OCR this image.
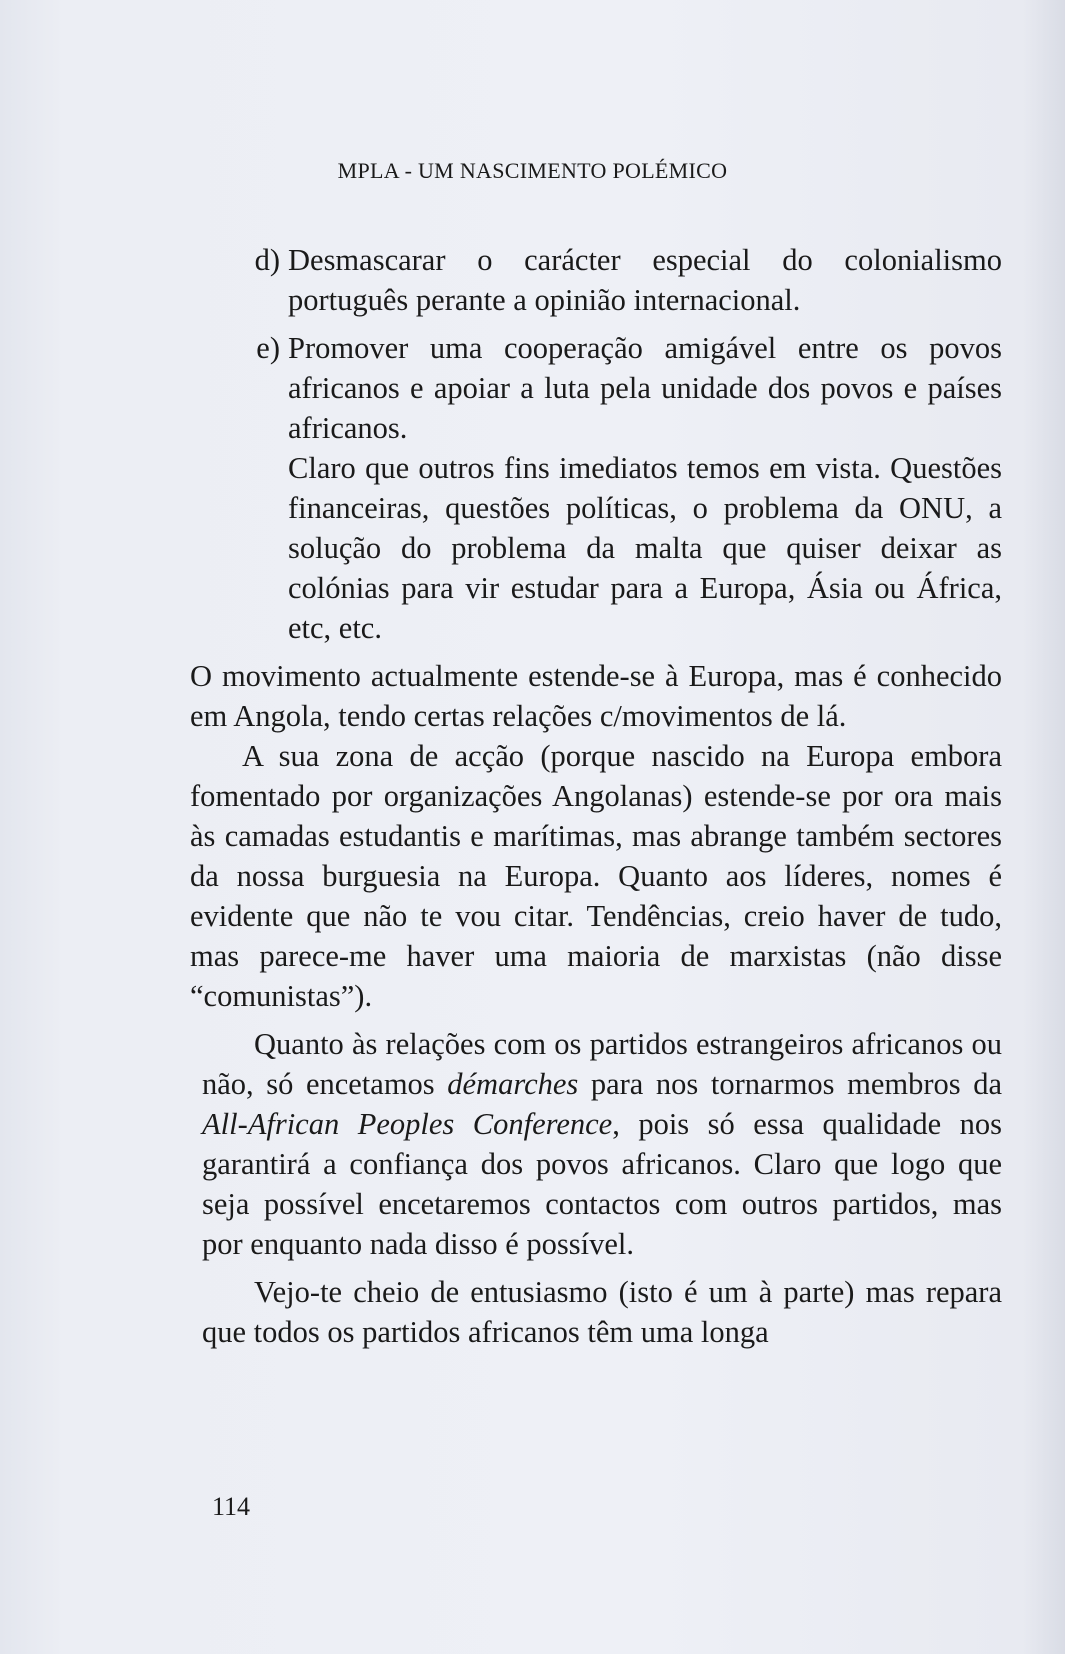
MPLA - UM NASCIMENTO POLÉMICO
d) Desmascarar o carácter especial do colonialismo português perante a opinião internacional.
e) Promover uma cooperação amigável entre os povos africanos e apoiar a luta pela unidade dos povos e países africanos.

Claro que outros fins imediatos temos em vista. Questões financeiras, questões políticas, o problema da ONU, a solução do problema da malta que quiser deixar as colónias para vir estudar para a Europa, Ásia ou África, etc, etc.

O movimento actualmente estende-se à Europa, mas é conhecido em Angola, tendo certas relações c/movimentos de lá.

A sua zona de acção (porque nascido na Europa embora fomentado por organizações Angolanas) estende-se por ora mais às camadas estudantis e marítimas, mas abrange também sectores da nossa burguesia na Europa. Quanto aos líderes, nomes é evidente que não te vou citar. Tendências, creio haver de tudo, mas parece-me haver uma maioria de marxistas (não disse “comunistas”).

Quanto às relações com os partidos estrangeiros africanos ou não, só encetamos démarches para nos tornarmos membros da All-African Peoples Conference, pois só essa qualidade nos garantirá a confiança dos povos africanos. Claro que logo que seja possível encetaremos contactos com outros partidos, mas por enquanto nada disso é possível.

Vejo-te cheio de entusiasmo (isto é um à parte) mas repara que todos os partidos africanos têm uma longa

114
